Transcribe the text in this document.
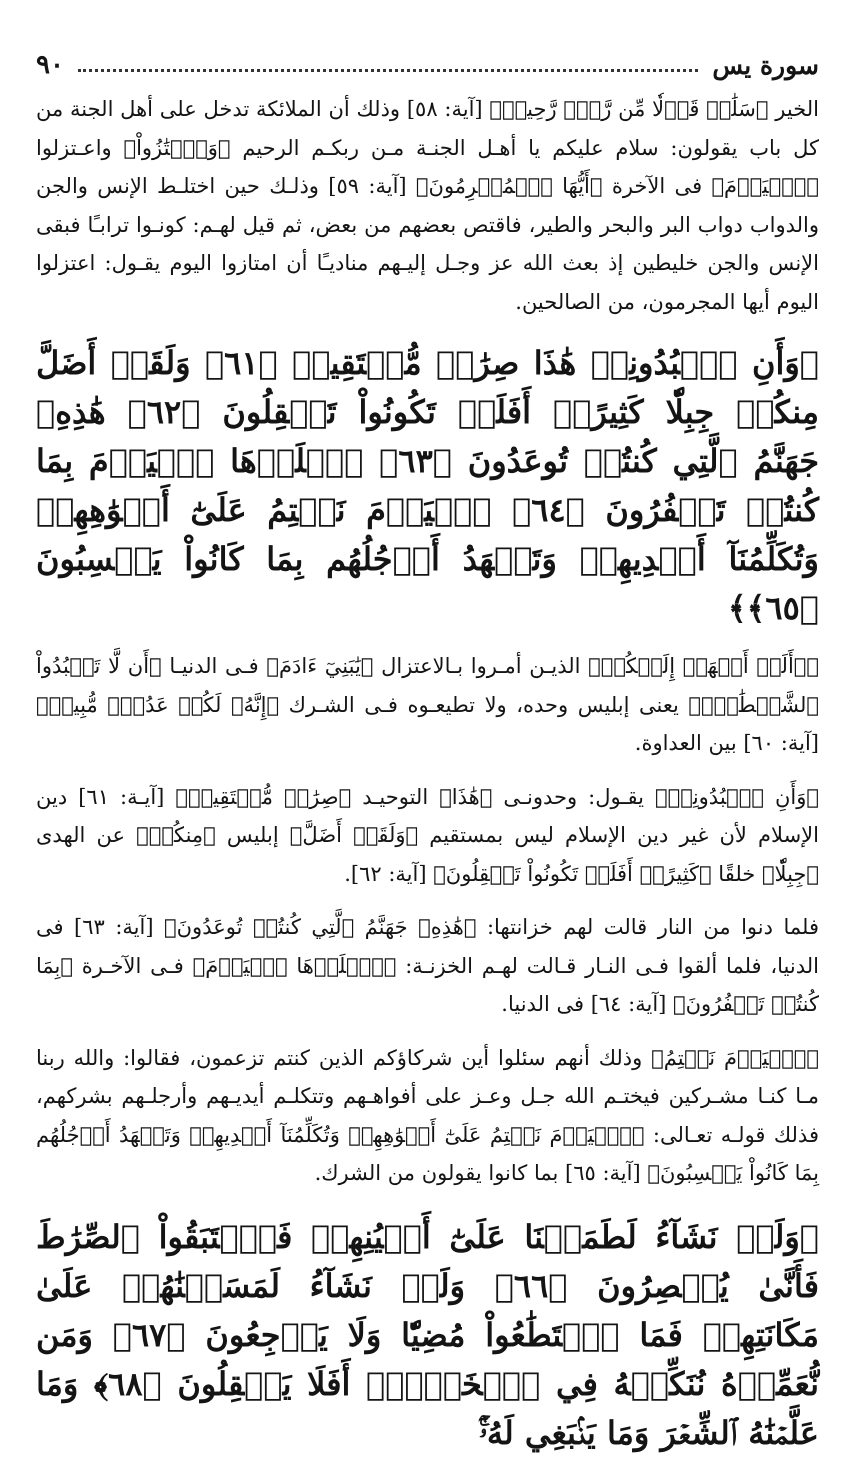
سورة يس
٩٠

الخير ﴿سَلَٰمٞ قَوۡلٗا مِّن رَّبّٖ رَّحِيمٖ﴾ [آية: ٥٨] وذلك أن الملائكة تدخل على أهل الجنة من كل باب يقولون: سلام عليكم يا أهـل الجنـة مـن ربكـم الرحيم ﴿وَٱمۡتَٰزُواْ﴾ واعـتزلوا ﴿ٱلۡيَوۡمَ﴾ فى الآخرة ﴿أَيُّهَا ٱلۡمُجۡرِمُونَ﴾ [آية: ٥٩] وذلـك حين اختلـط الإنس والجن والدواب دواب البر والبحر والطير، فاقتص بعضهم من بعض، ثم قيل لهـم: كونـوا ترابـًا فبقى الإنس والجن خليطين إذ بعث الله عز وجـل إليـهم مناديـًا أن امتازوا اليوم يقـول: اعتزلوا اليوم أيها المجرمون، من الصالحين.

﴿وَأَنِ ٱعۡبُدُونِيۚ هَٰذَا صِرَٰطٞ مُّسۡتَقِيمٞ ﴿٦١﴾ وَلَقَدۡ أَضَلَّ مِنكُمۡ جِبِلّٗا كَثِيرًاۖ أَفَلَمۡ تَكُونُواْ تَعۡقِلُونَ ﴿٦٢﴾ هَٰذِهِۦ جَهَنَّمُ ٱلَّتِي كُنتُمۡ تُوعَدُونَ ﴿٦٣﴾ ٱصۡلَوۡهَا ٱلۡيَوۡمَ بِمَا كُنتُمۡ تَكۡفُرُونَ ﴿٦٤﴾ ٱلۡيَوۡمَ نَخۡتِمُ عَلَىٰٓ أَفۡوَٰهِهِمۡ وَتُكَلِّمُنَآ أَيۡدِيهِمۡ وَتَشۡهَدُ أَرۡجُلُهُم بِمَا كَانُواْ يَكۡسِبُونَ ﴿٦٥﴾﴾

﴿۞أَلَمۡ أَعۡهَدۡ إِلَيۡكُمۡ﴾ الذيـن أمـروا بـالاعتزال ﴿يَٰبَنِيٓ ءَادَمَ﴾ فـى الدنيـا ﴿أَن لَّا تَعۡبُدُواْ ٱلشَّيۡطَٰنَۖ﴾ يعنى إبليس وحده، ولا تطيعـوه فـى الشـرك ﴿إِنَّهُۥ لَكُمۡ عَدُوّٞ مُّبِينٞ﴾ [آية: ٦٠] بين العداوة.

﴿وَأَنِ ٱعۡبُدُونِيۚ﴾ يقـول: وحدونـى ﴿هَٰذَا﴾ التوحيـد ﴿صِرَٰطٞ مُّسۡتَقِيمٞ﴾ [آيـة: ٦١] دين الإسلام لأن غير دين الإسلام ليس بمستقيم ﴿وَلَقَدۡ أَضَلَّ﴾ إبليس ﴿مِنكُمۡ﴾ عن الهدى ﴿جِبِلّٗا﴾ خلقًا ﴿كَثِيرًاۖ أَفَلَمۡ تَكُونُواْ تَعۡقِلُونَ﴾ [آية: ٦٢].

فلما دنوا من النار قالت لهم خزانتها: ﴿هَٰذِهِۦ جَهَنَّمُ ٱلَّتِي كُنتُمۡ تُوعَدُونَ﴾ [آية: ٦٣] فى الدنيا، فلما ألقوا فـى النـار قـالت لهـم الخزنـة: ﴿ٱصۡلَوۡهَا ٱلۡيَوۡمَ﴾ فـى الآخـرة ﴿بِمَا كُنتُمۡ تَكۡفُرُونَ﴾ [آية: ٦٤] فى الدنيا.

﴿ٱلۡيَوۡمَ نَخۡتِمُ﴾ وذلك أنهم سئلوا أين شركاؤكم الذين كنتم تزعمون، فقالوا: والله ربنا مـا كنـا مشـركين فيختـم الله جـل وعـز على أفواهـهم وتتكلـم أيديـهم وأرجلـهم بشركهم، فذلك قولـه تعـالى: ﴿ٱلۡيَوۡمَ نَخۡتِمُ عَلَىٰٓ أَفۡوَٰهِهِمۡ وَتُكَلِّمُنَآ أَيۡدِيهِمۡ وَتَشۡهَدُ أَرۡجُلُهُم بِمَا كَانُواْ يَكۡسِبُونَ﴾ [آية: ٦٥] بما كانوا يقولون من الشرك.

﴿وَلَوۡ نَشَآءُ لَطَمَسۡنَا عَلَىٰٓ أَعۡيُنِهِمۡ فَٱسۡتَبَقُواْ ٱلصِّرَٰطَ فَأَنَّىٰ يُبۡصِرُونَ ﴿٦٦﴾ وَلَوۡ نَشَآءُ لَمَسَخۡنَٰهُمۡ عَلَىٰ مَكَانَتِهِمۡ فَمَا ٱسۡتَطَٰعُواْ مُضِيّٗا وَلَا يَرۡجِعُونَ ﴿٦٧﴾ وَمَن نُّعَمِّرۡهُ نُنَكِّسۡهُ فِي ٱلۡخَلۡقِۚ أَفَلَا يَعۡقِلُونَ ﴿٦٨﴾ وَمَا عَلَّمۡنَٰهُ ٱلشِّعۡرَ وَمَا يَنۢبَغِي لَهُۥٓۚ
